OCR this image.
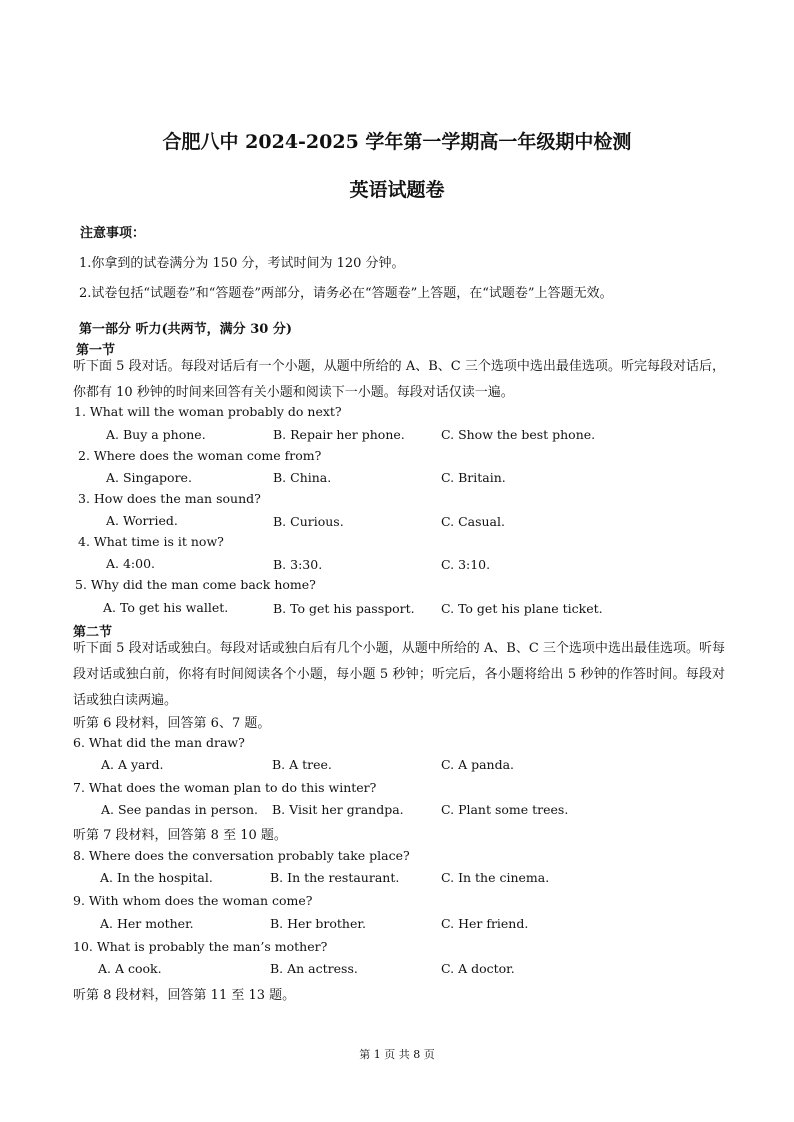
合肥八中 2024-2025 学年第一学期高一年级期中检测
英语试题卷
注意事项：
1.你拿到的试卷满分为 150 分，考试时间为 120 分钟。
2.试卷包括“试题卷”和“答题卷”两部分，请务必在“答题卷”上答题，在“试题卷”上答题无效。
第一部分 听力(共两节，满分 30 分)
第一节
听下面 5 段对话。每段对话后有一个小题，从题中所给的 A、B、C 三个选项中选出最佳选项。听完每段对话后，你都有 10 秒钟的时间来回答有关小题和阅读下一小题。每段对话仅读一遍。
1. What will the woman probably do next?
A. Buy a phone.	B. Repair her phone.	C. Show the best phone.
2. Where does the woman come from?
A. Singapore.	B. China.	C. Britain.
3. How does the man sound?
A. Worried.	B. Curious.	C. Casual.
4. What time is it now?
A. 4:00.	B. 3:30.	C. 3:10.
5. Why did the man come back home?
A. To get his wallet.	B. To get his passport. C. To get his plane ticket.
第二节
听下面 5 段对话或独白。每段对话或独白后有几个小题，从题中所给的 A、B、C 三个选项中选出最佳选项。听每段对话或独白前，你将有时间阅读各个小题，每小题 5 秒钟；听完后，各小题将给出 5 秒钟的作答时间。每段对话或独白读两遍。
听第 6 段材料，回答第 6、7 题。
6. What did the man draw?
A. A yard.	B. A tree.	C. A panda.
7. What does the woman plan to do this winter?
A. See pandas in person. B. Visit her grandpa.	C. Plant some trees.
听第 7 段材料，回答第 8 至 10 题。
8. Where does the conversation probably take place?
A. In the hospital.	B. In the restaurant.	C. In the cinema.
9. With whom does the woman come?
A. Her mother.	B. Her brother.	C. Her friend.
10. What is probably the man’s mother?
A. A cook.	B. An actress.	C. A doctor.
听第 8 段材料，回答第 11 至 13 题。
第 1 页 共 8 页
